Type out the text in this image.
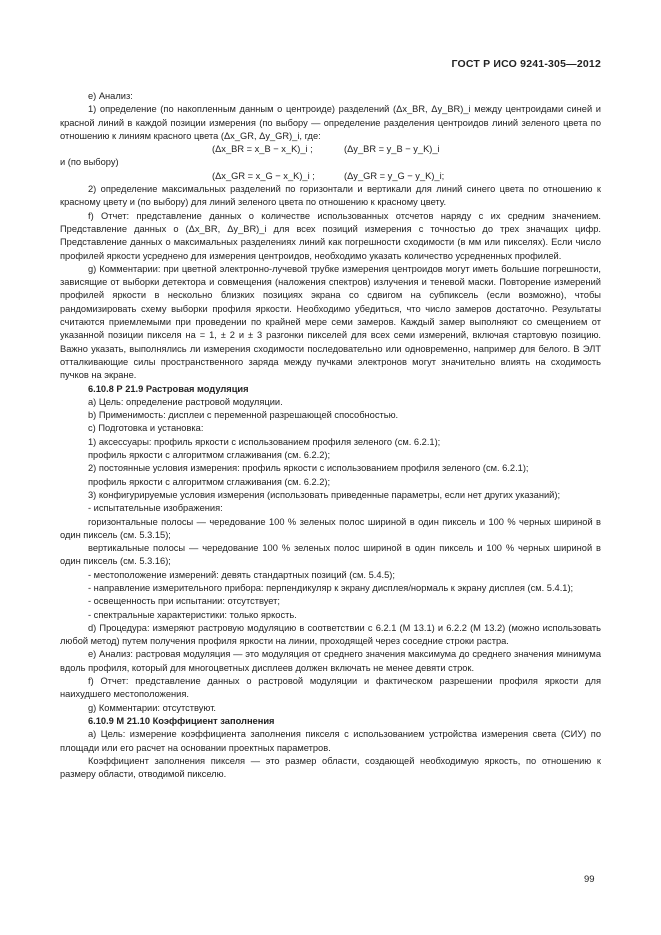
ГОСТ Р ИСО 9241-305—2012

e) Анализ:

1) определение (по накопленным данным о центроиде) разделений (Δx_BR, Δy_BR)_i между центроидами синей и красной линий в каждой позиции измерения (по выбору — определение разделения центроидов линий зеленого цвета по отношению к линиям красного цвета (Δx_GR, Δy_GR)_i, где:

(Δx_BR = x_B − x_K)_i ;	(Δy_BR = y_B − y_K)_i
и (по выбору)
(Δx_GR = x_G − x_K)_i ;	(Δy_GR = y_G − y_K)_i;

2) определение максимальных разделений по горизонтали и вертикали для линий синего цвета по отношению к красному цвету и (по выбору) для линий зеленого цвета по отношению к красному цвету.

f) Отчет: представление данных о количестве использованных отсчетов наряду с их средним значением. Представление данных о (Δx_BR, Δy_BR)_i для всех позиций измерения с точностью до трех значащих цифр. Представление данных о максимальных разделениях линий как погрешности сходимости (в мм или пикселях). Если число профилей яркости усреднено для измерения центроидов, необходимо указать количество усредненных профилей.

g) Комментарии: при цветной электронно-лучевой трубке измерения центроидов могут иметь большие погрешности, зависящие от выборки детектора и совмещения (наложения спектров) излучения и теневой маски. Повторение измерений профилей яркости в нескольно близких позициях экрана со сдвигом на субпиксель (если возможно), чтобы рандомизировать схему выборки профиля яркости. Необходимо убедиться, что число замеров достаточно. Результаты считаются приемлемыми при проведении по крайней мере семи замеров. Каждый замер выполняют со смещением от указанной позиции пикселя на = 1, ± 2 и ± 3 разгонки пикселей для всех семи измерений, включая стартовую позицию. Важно указать, выполнялись ли измерения сходимости последовательно или одновременно, например для белого. В ЭЛТ отталкивающие силы пространственного заряда между пучками электронов могут значительно влиять на сходимость пучков на экране.

6.10.8 Р 21.9 Растровая модуляция

a) Цель: определение растровой модуляции.

b) Применимость: дисплеи с переменной разрешающей способностью.

c) Подготовка и установка:

1) аксессуары: профиль яркости с использованием профиля зеленого (см. 6.2.1);

профиль яркости с алгоритмом сглаживания (см. 6.2.2);

2) постоянные условия измерения: профиль яркости с использованием профиля зеленого (см. 6.2.1);

профиль яркости с алгоритмом сглаживания (см. 6.2.2);

3) конфигурируемые условия измерения (использовать приведенные параметры, если нет других указаний);

- испытательные изображения:

горизонтальные полосы — чередование 100 % зеленых полос шириной в один пиксель и 100 % черных шириной в один пиксель (см. 5.3.15);

вертикальные полосы — чередование 100 % зеленых полос шириной в один пиксель и 100 % черных шириной в один пиксель (см. 5.3.16);

- местоположение измерений: девять стандартных позиций (см. 5.4.5);

- направление измерительного прибора: перпендикуляр к экрану дисплея/нормаль к экрану дисплея (см. 5.4.1);

- освещенность при испытании: отсутствует;

- спектральные характеристики: только яркость.

d) Процедура: измеряют растровую модуляцию в соответствии с 6.2.1 (M 13.1) и 6.2.2 (M 13.2) (можно использовать любой метод) путем получения профиля яркости на линии, проходящей через соседние строки растра.

e) Анализ: растровая модуляция — это модуляция от среднего значения максимума до среднего значения минимума вдоль профиля, который для многоцветных дисплеев должен включать не менее девяти строк.

f) Отчет: представление данных о растровой модуляции и фактическом разрешении профиля яркости для наихудшего местоположения.

g) Комментарии: отсутствуют.

6.10.9 M 21.10 Коэффициент заполнения

a) Цель: измерение коэффициента заполнения пикселя с использованием устройства измерения света (СИУ) по площади или его расчет на основании проектных параметров.

Коэффициент заполнения пикселя — это размер области, создающей необходимую яркость, по отношению к размеру области, отводимой пикселю.

99
